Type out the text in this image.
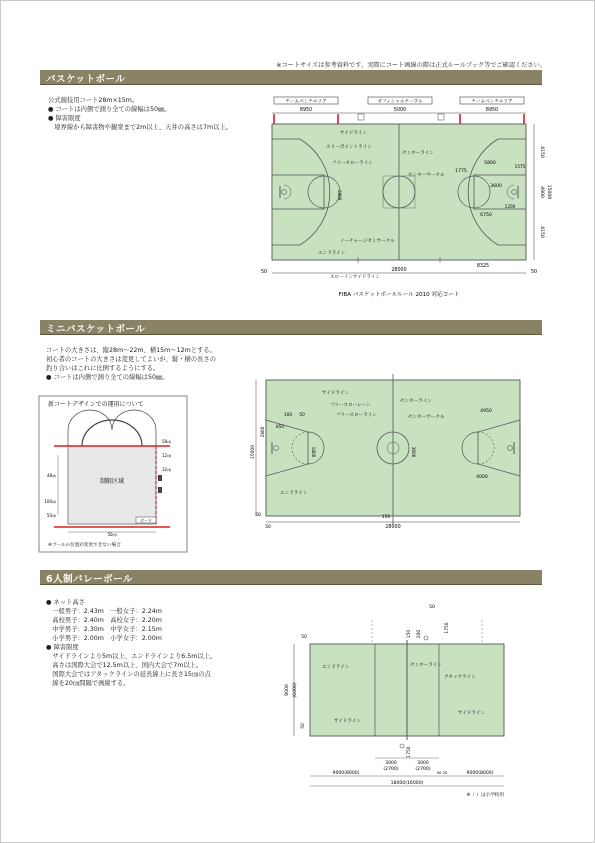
※コートサイズは参考資料です。実際にコート画線の際は正式ルールブック等でご確認ください。
バスケットボール
公式競技用コート28m×15m。
● コートは内側で測り全ての線幅は50㎜。
● 障害限度
　境界線から障害物や観衆まで2m以上、天井の高さは7m以上。
チームベンチエリア	オフィシャルテーブル	チームベンチエリア
8950	5000	8950
28000
50	50
8325
4150
4900
4150
15000
5800
1775
3600
6750
1200
1575
1800
サイドライン
スリーポイントライン
フリースローライン
センターライン
センターサークル
ノーチャージセミサークル
エンドライン
スローインサイドライン
FIBA バスケットボールルール 2010 対応コート
ミニバスケットボール
コートの大きさは、縦28m～22m、横15m～12mとする。
初心者のコートの大きさは変更してよいが、縦・横の長さの
釣り合いはこれに比例するようにする。
● コートは内側で測り全ての線幅は50㎜。
新コートデザインでの運用について
ボード
制限区域
48㎝
100㎝
50㎝
58㎝
12㎝
32㎝
50㎝
※ゴールの位置が変更できない場合
28000
150
50
50
15000
2800
100 50
850
1800	3600
4950
4000
サイドライン
フリースローレーン
フリースローライン
センターライン
センターサークル
エンドライン
6人制バレーボール
● ネット高さ
　一般男子：2.43m　一般女子：2.24m
　高校男子：2.40m　高校女子：2.20m
　中学男子：2.30m　中学女子：2.15m
　小学男子：2.00m　小学女子：2.00m
● 障害限度
　サイドラインより5m以上、エンドラインより6.5m以上。
　高さは国際大会で12.5m以上、国内大会で7m以上。
　国際大会ではアタックラインの延長線上に長さ15㎝の点
　線を20㎝間隔で画線する。
50
150 200
1750
9000 (6000)
50
50
エンドライン	センターライン
アタックライン
サイドライン
サイドライン
1750
3000
(2700)
3000
(2700)
9000(8000)	9000(8000)
50 20
18000(16000)
※（ ）は小学校用
